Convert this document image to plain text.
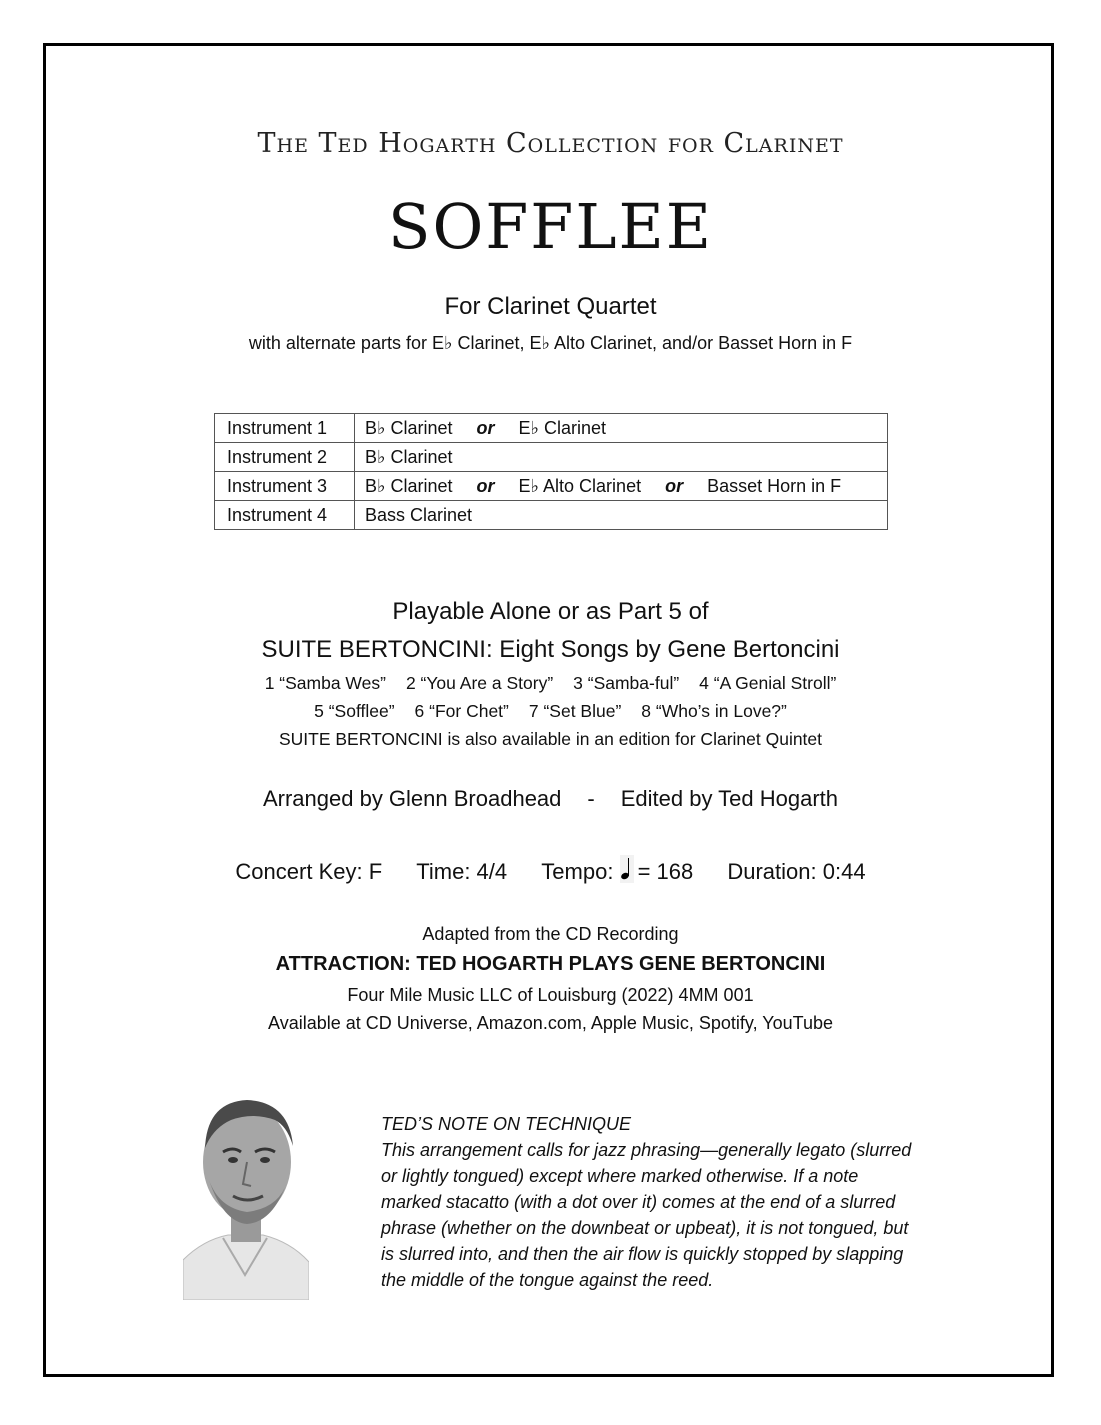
The Ted Hogarth Collection for Clarinet
SOFFLEE
For Clarinet Quartet
with alternate parts for E♭ Clarinet, E♭ Alto Clarinet, and/or Basset Horn in F
Instrument 1	B♭ Clarinet or E♭ Clarinet
Instrument 2	B♭ Clarinet
Instrument 3	B♭ Clarinet or E♭ Alto Clarinet or Basset Horn in F
Instrument 4	Bass Clarinet
Playable Alone or as Part 5 of
SUITE BERTONCINI: Eight Songs by Gene Bertoncini
1 “Samba Wes” 2 “You Are a Story” 3 “Samba-ful” 4 “A Genial Stroll”
5 “Sofflee” 6 “For Chet” 7 “Set Blue” 8 “Who’s in Love?”
SUITE BERTONCINI is also available in an edition for Clarinet Quintet
Arranged by Glenn Broadhead - Edited by Ted Hogarth
Concert Key: F Time: 4/4 Tempo: = 168 Duration: 0:44
Adapted from the CD Recording
ATTRACTION: TED HOGARTH PLAYS GENE BERTONCINI
Four Mile Music LLC of Louisburg (2022) 4MM 001
Available at CD Universe, Amazon.com, Apple Music, Spotify, YouTube
TED’S NOTE ON TECHNIQUE
This arrangement calls for jazz phrasing—generally legato (slurred
or lightly tongued) except where marked otherwise. If a note
marked stacatto (with a dot over it) comes at the end of a slurred
phrase (whether on the downbeat or upbeat), it is not tongued, but
is slurred into, and then the air flow is quickly stopped by slapping
the middle of the tongue against the reed.
